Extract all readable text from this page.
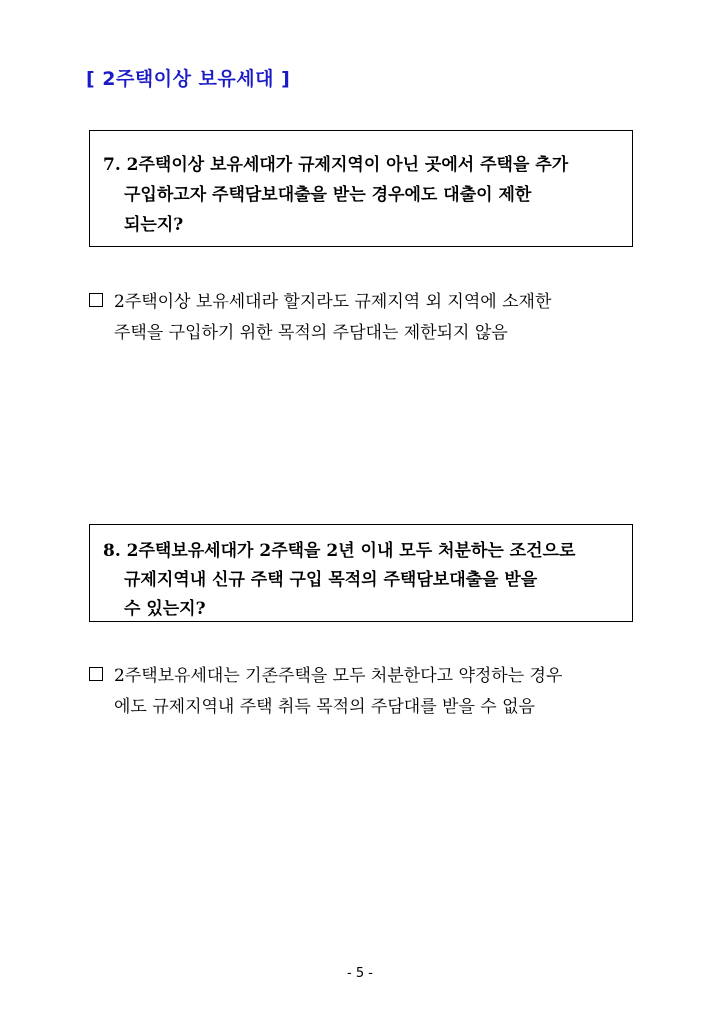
[ 2주택이상 보유세대 ]
7. 2주택이상 보유세대가 규제지역이 아닌 곳에서 주택을 추가
구입하고자 주택담보대출을 받는 경우에도 대출이 제한
되는지?
2주택이상 보유세대라 할지라도 규제지역 외 지역에 소재한
주택을 구입하기 위한 목적의 주담대는 제한되지 않음
8. 2주택보유세대가 2주택을 2년 이내 모두 처분하는 조건으로
규제지역내 신규 주택 구입 목적의 주택담보대출을 받을
수 있는지?
2주택보유세대는 기존주택을 모두 처분한다고 약정하는 경우
에도 규제지역내 주택 취득 목적의 주담대를 받을 수 없음
- 5 -
